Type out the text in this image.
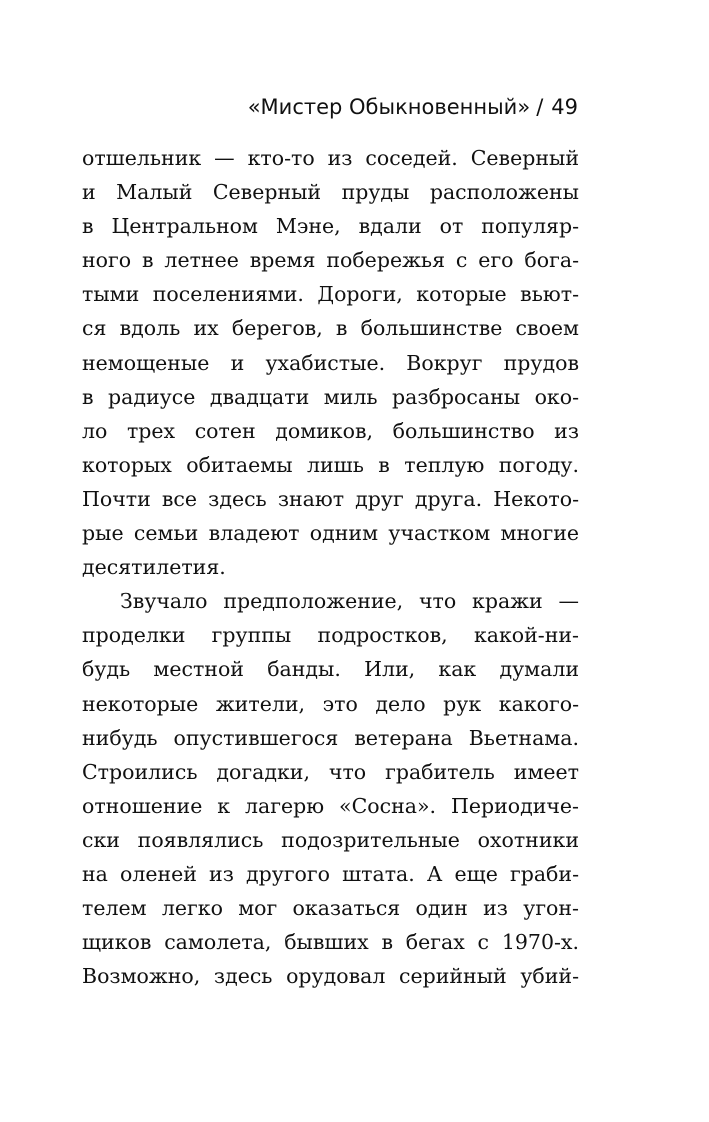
«Мистер Обыкновенный» / 49
отшельник — кто-то из соседей. Северный
и Малый Северный пруды расположены
в Центральном Мэне, вдали от популяр-
ного в летнее время побережья с его бога-
тыми поселениями. Дороги, которые вьют-
ся вдоль их берегов, в большинстве своем
немощеные и ухабистые. Вокруг прудов
в радиусе двадцати миль разбросаны око-
ло трех сотен домиков, большинство из
которых обитаемы лишь в теплую погоду.
Почти все здесь знают друг друга. Некото-
рые семьи владеют одним участком многие
десятилетия.
Звучало предположение, что кражи —
проделки группы подростков, какой-ни-
будь местной банды. Или, как думали
некоторые жители, это дело рук какого-
нибудь опустившегося ветерана Вьетнама.
Строились догадки, что грабитель имеет
отношение к лагерю «Сосна». Периодиче-
ски появлялись подозрительные охотники
на оленей из другого штата. А еще граби-
телем легко мог оказаться один из угон-
щиков самолета, бывших в бегах с 1970-х.
Возможно, здесь орудовал серийный убий-
